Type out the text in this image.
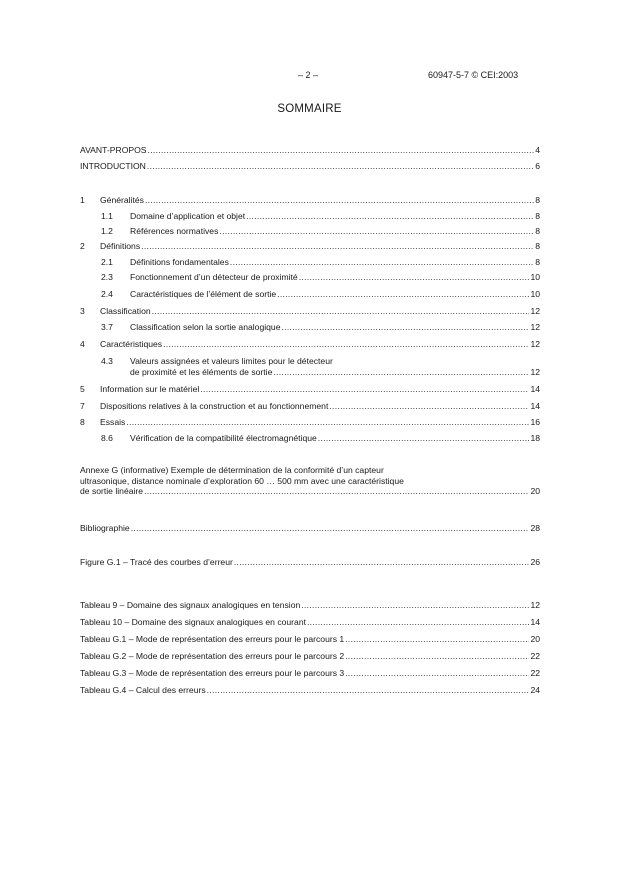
– 2 –	60947-5-7 © CEI:2003
SOMMAIRE
AVANT-PROPOS .....	4
INTRODUCTION .....	6
1	Généralités .....	8
1.1	Domaine d’application et objet .....	8
1.2	Références normatives .....	8
2	Définitions .....	8
2.1	Définitions fondamentales .....	8
2.3	Fonctionnement d’un détecteur de proximité .....	10
2.4	Caractéristiques de l’élément de sortie .....	10
3	Classification .....	12
3.7	Classification selon la sortie analogique .....	12
4	Caractéristiques .....	12
4.3	Valeurs assignées et valeurs limites pour le détecteur
de proximité et les éléments de sortie .....	12
5	Information sur le matériel .....	14
7	Dispositions relatives à la construction et au fonctionnement .....	14
8	Essais .....	16
8.6	Vérification de la compatibilité électromagnétique .....	18
Annexe G (informative) Exemple de détermination de la conformité d’un capteur
ultrasonique, distance nominale d’exploration 60 … 500 mm avec une caractéristique
de sortie linéaire .....	20
Bibliographie .....	28
Figure G.1 – Tracé des courbes d’erreur .....	26
Tableau 9 – Domaine des signaux analogiques en tension .....	12
Tableau 10 – Domaine des signaux analogiques en courant .....	14
Tableau G.1 – Mode de représentation des erreurs pour le parcours 1 .....	20
Tableau G.2 – Mode de représentation des erreurs pour le parcours 2 .....	22
Tableau G.3 – Mode de représentation des erreurs pour le parcours 3 .....	22
Tableau G.4 – Calcul des erreurs .....	24
